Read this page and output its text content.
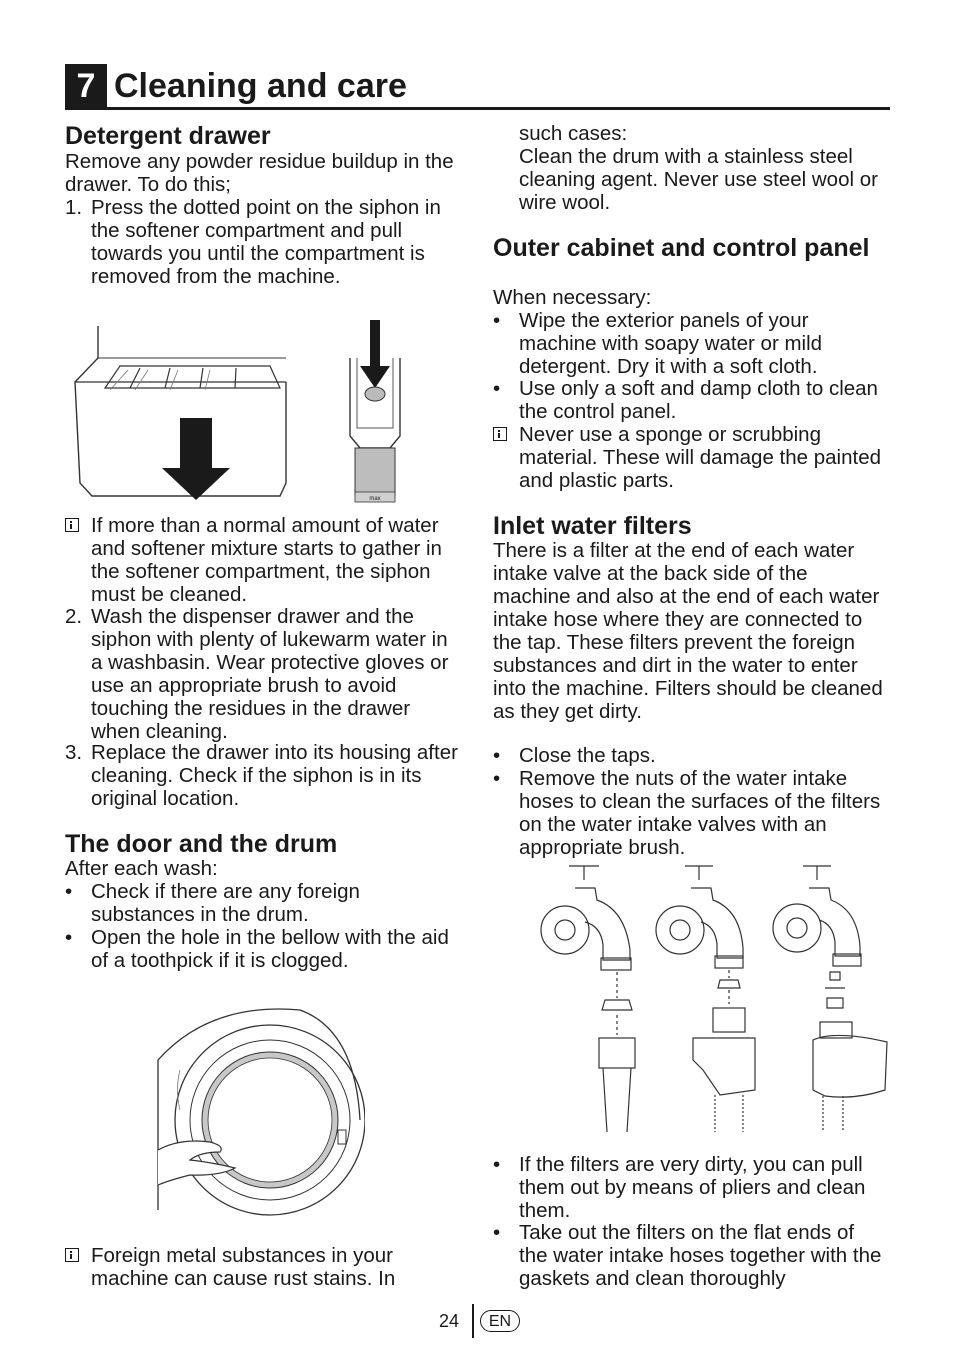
7 Cleaning and care
Detergent drawer

Remove any powder residue buildup in the drawer. To do this;

1. Press the dotted point on the siphon in the softener compartment and pull towards you until the compartment is removed from the machine.
max
If more than a normal amount of water and softener mixture starts to gather in the softener compartment, the siphon must be cleaned.
2. Wash the dispenser drawer and the siphon with plenty of lukewarm water in a washbasin. Wear protective gloves or use an appropriate brush to avoid touching the residues in the drawer when cleaning.
3. Replace the drawer into its housing after cleaning. Check if the siphon is in its original location.
The door and the drum

After each wash:

• Check if there are any foreign substances in the drum.
• Open the hole in the bellow with the aid of a toothpick if it is clogged.
Foreign metal substances in your machine can cause rust stains. In

such cases:

Clean the drum with a stainless steel cleaning agent. Never use steel wool or wire wool.

Outer cabinet and control panel

When necessary:

• Wipe the exterior panels of your machine with soapy water or mild detergent. Dry it with a soft cloth.
• Use only a soft and damp cloth to clean the control panel.
Never use a sponge or scrubbing material. These will damage the painted and plastic parts.
Inlet water filters

There is a filter at the end of each water intake valve at the back side of the machine and also at the end of each water intake hose where they are connected to the tap. These filters prevent the foreign substances and dirt in the water to enter into the machine. Filters should be cleaned as they get dirty.

• Close the taps.
• Remove the nuts of the water intake hoses to clean the surfaces of the filters on the water intake valves with an appropriate brush.
• If the filters are very dirty, you can pull them out by means of pliers and clean them.
• Take out the filters on the flat ends of the water intake hoses together with the gaskets and clean thoroughly
24	EN
